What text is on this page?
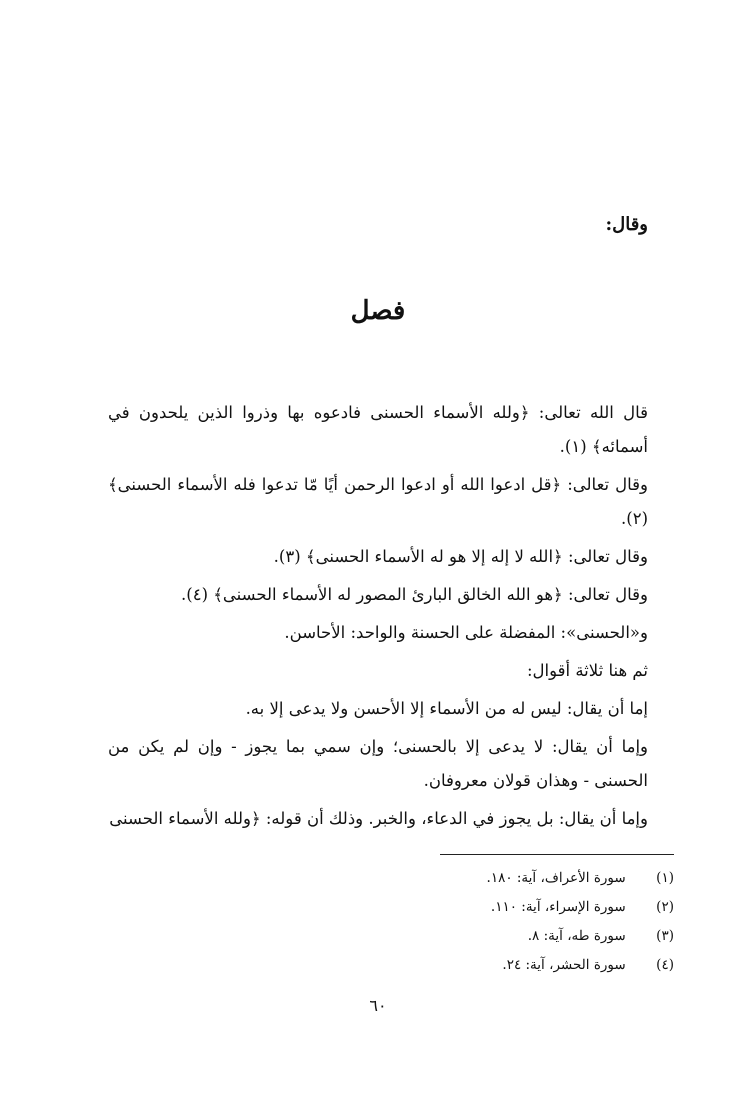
وقال:
فصل

قال الله تعالى: ﴿ولله الأسماء الحسنى فادعوه بها وذروا الذين يلحدون في أسمائه﴾ (١).

وقال تعالى: ﴿قل ادعوا الله أو ادعوا الرحمن أيًا مّا تدعوا فله الأسماء الحسنى﴾ (٢).

وقال تعالى: ﴿الله لا إله إلا هو له الأسماء الحسنى﴾ (٣).

وقال تعالى: ﴿هو الله الخالق البارئ المصور له الأسماء الحسنى﴾ (٤).

و«الحسنى»: المفضلة على الحسنة والواحد: الأحاسن.

ثم هنا ثلاثة أقوال:

إما أن يقال: ليس له من الأسماء إلا الأحسن ولا يدعى إلا به.

وإما أن يقال: لا يدعى إلا بالحسنى؛ وإن سمي بما يجوز - وإن لم يكن من الحسنى - وهذان قولان معروفان.

وإما أن يقال: بل يجوز في الدعاء، والخبر. وذلك أن قوله: ﴿ولله الأسماء الحسنى

(١) سورة الأعراف، آية: ١٨٠.
(٢) سورة الإسراء، آية: ١١٠.
(٣) سورة طه، آية: ٨.
(٤) سورة الحشر، آية: ٢٤.
٦٠
